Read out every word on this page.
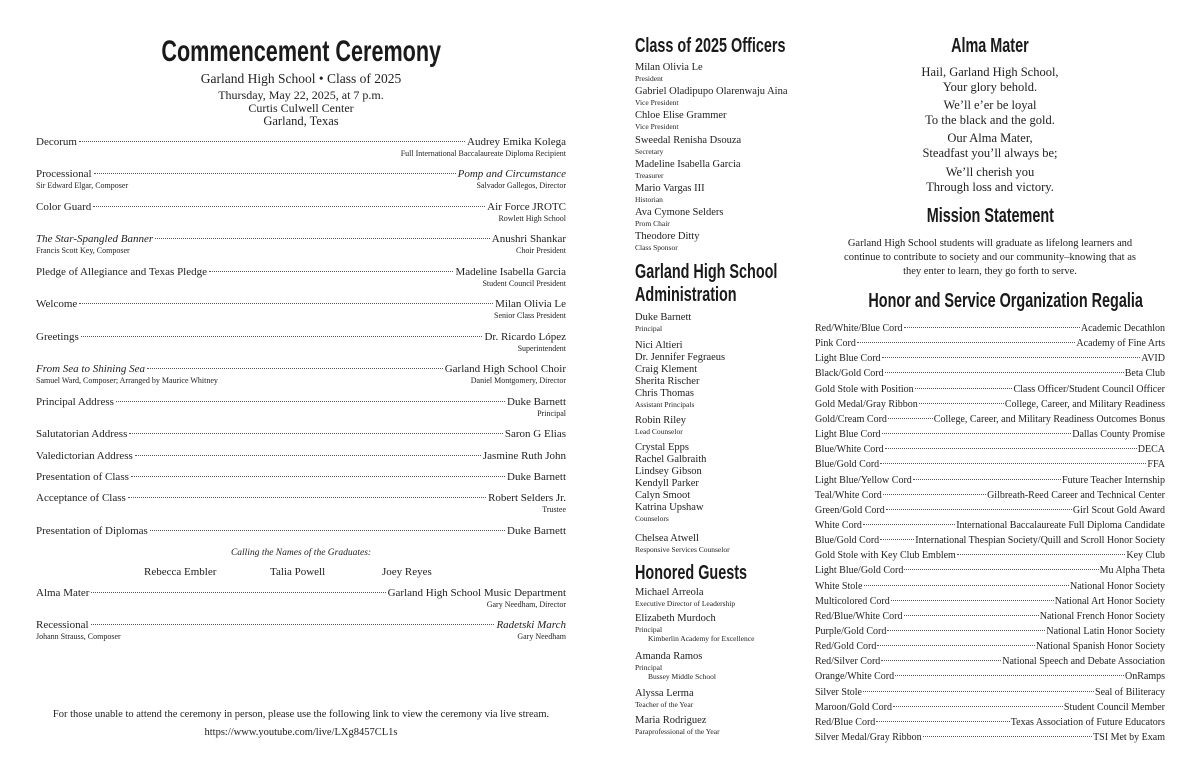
Commencement Ceremony
Garland High School • Class of 2025
Thursday, May 22, 2025, at 7 p.m.
Curtis Culwell Center
Garland, Texas
Decorum	Audrey Emika Kolega
Full International Baccalaureate Diploma Recipient
Processional	Pomp and Circumstance
Sir Edward Elgar, Composer	Salvador Gallegos, Director
Color Guard	Air Force JROTC
Rowlett High School
The Star-Spangled Banner	Anushri Shankar
Francis Scott Key, Composer	Choir President
Pledge of Allegiance and Texas Pledge	Madeline Isabella Garcia
Student Council President
Welcome	Milan Olivia Le
Senior Class President
Greetings	Dr. Ricardo López
Superintendent
From Sea to Shining Sea	Garland High School Choir
Samuel Ward, Composer; Arranged by Maurice Whitney	Daniel Montgomery, Director
Principal Address	Duke Barnett
Principal
Salutatorian Address	Saron G Elias
Valedictorian Address	Jasmine Ruth John
Presentation of Class	Duke Barnett
Acceptance of Class	Robert Selders Jr.
Trustee
Presentation of Diplomas	Duke Barnett
Calling the Names of the Graduates:
Rebecca Embler	Talia Powell	Joey Reyes
Alma Mater	Garland High School Music Department
Gary Needham, Director
Recessional	Radetski March
Johann Strauss, Composer	Gary Needham
For those unable to attend the ceremony in person, please use the following link to view the ceremony via live stream.
https://www.youtube.com/live/LXg8457CL1s
Class of 2025 Officers
Milan Olivia Le
President
Gabriel Oladipupo Olarenwaju Aina
Vice President
Chloe Elise Grammer
Vice President
Sweedal Renisha Dsouza
Secretary
Madeline Isabella Garcia
Treasurer
Mario Vargas III
Historian
Ava Cymone Selders
Prom Chair
Theodore Ditty
Class Sponsor
Garland High School
Administration
Duke Barnett
Principal
Nici Altieri
Dr. Jennifer Fegraeus
Craig Klement
Sherita Rischer
Chris Thomas
Assistant Principals
Robin Riley
Lead Counselor
Crystal Epps
Rachel Galbraith
Lindsey Gibson
Kendyll Parker
Calyn Smoot
Katrina Upshaw
Counselors
Chelsea Atwell
Responsive Services Counselor
Honored Guests
Michael Arreola
Executive Director of Leadership
Elizabeth Murdoch
Principal
Kimberlin Academy for Excellence
Amanda Ramos
Principal
Bussey Middle School
Alyssa Lerma
Teacher of the Year
Maria Rodriguez
Paraprofessional of the Year
Alma Mater
Hail, Garland High School,
Your glory behold.
We’ll e’er be loyal
To the black and the gold.
Our Alma Mater,
Steadfast you’ll always be;
We’ll cherish you
Through loss and victory.
Mission Statement
Garland High School students will graduate as lifelong learners and
continue to contribute to society and our community–knowing that as
they enter to learn, they go forth to serve.
Honor and Service Organization Regalia
Red/White/Blue Cord	Academic Decathlon
Pink Cord	Academy of Fine Arts
Light Blue Cord	AVID
Black/Gold Cord	Beta Club
Gold Stole with Position	Class Officer/Student Council Officer
Gold Medal/Gray Ribbon	College, Career, and Military Readiness
Gold/Cream Cord	College, Career, and Military Readiness Outcomes Bonus
Light Blue Cord	Dallas County Promise
Blue/White Cord	DECA
Blue/Gold Cord	FFA
Light Blue/Yellow Cord	Future Teacher Internship
Teal/White Cord	Gilbreath-Reed Career and Technical Center
Green/Gold Cord	Girl Scout Gold Award
White Cord	International Baccalaureate Full Diploma Candidate
Blue/Gold Cord	International Thespian Society/Quill and Scroll Honor Society
Gold Stole with Key Club Emblem	Key Club
Light Blue/Gold Cord	Mu Alpha Theta
White Stole	National Honor Society
Multicolored Cord	National Art Honor Society
Red/Blue/White Cord	National French Honor Society
Purple/Gold Cord	National Latin Honor Society
Red/Gold Cord	National Spanish Honor Society
Red/Silver Cord	National Speech and Debate Association
Orange/White Cord	OnRamps
Silver Stole	Seal of Biliteracy
Maroon/Gold Cord	Student Council Member
Red/Blue Cord	Texas Association of Future Educators
Silver Medal/Gray Ribbon	TSI Met by Exam
